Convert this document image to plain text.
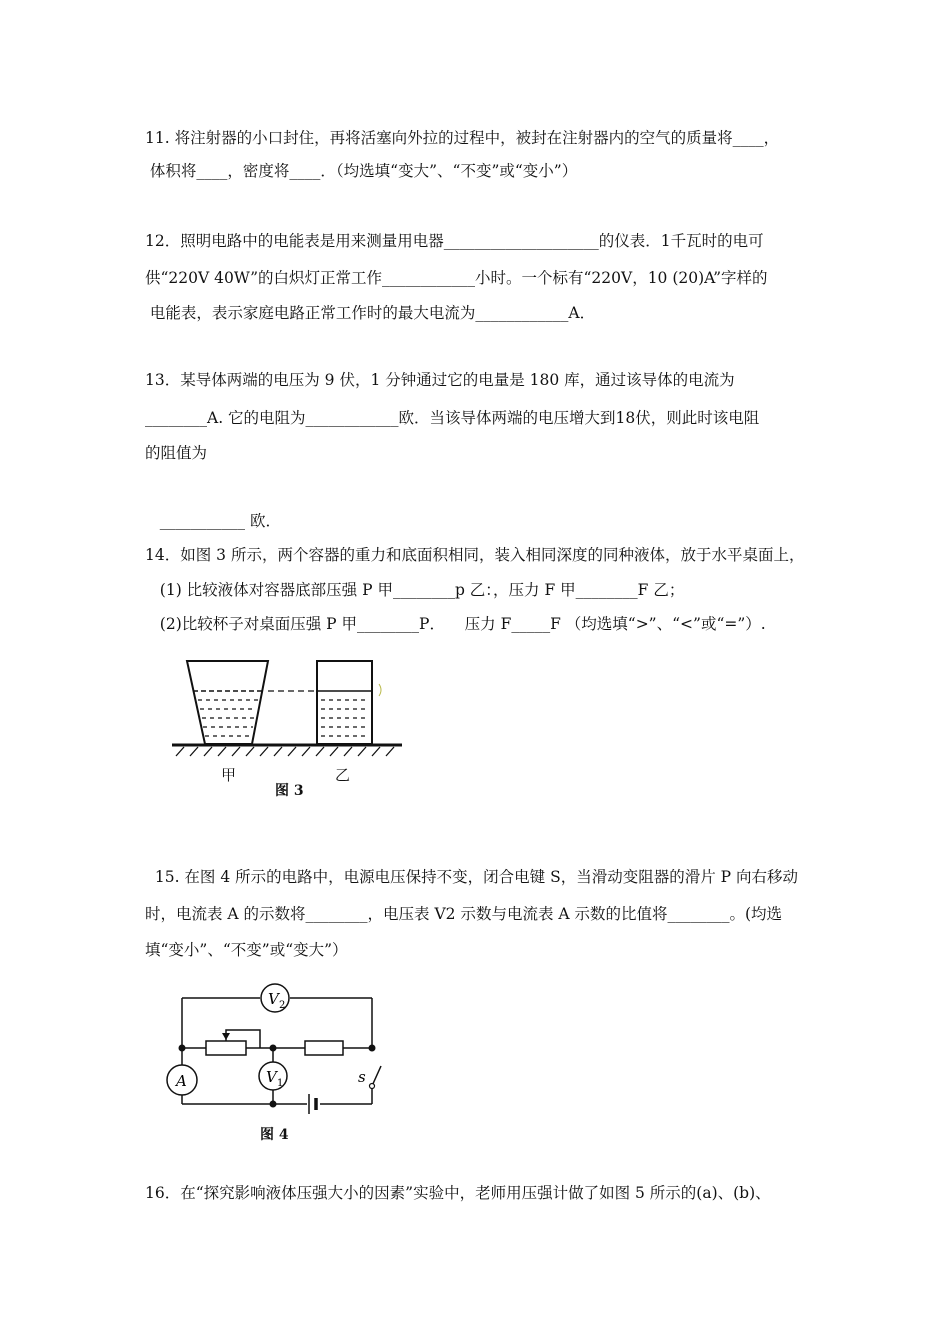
11. 将注射器的小口封住，再将活塞向外拉的过程中，被封在注射器内的空气的质量将____，
体积将____，密度将____．（均选填“变大”、“不变”或“变小”）
12．照明电路中的电能表是用来测量用电器____________________的仪表．1千瓦时的电可
供“220V 40W”的白炽灯正常工作____________小时。一个标有“220V，10 (20)A”字样的
电能表，表示家庭电路正常工作时的最大电流为____________A．
13．某导体两端的电压为 9 伏，1 分钟通过它的电量是 180 库，通过该导体的电流为
________A. 它的电阻为____________欧．当该导体两端的电压增大到18伏，则此时该电阻
的阻值为
___________ 欧．
14．如图 3 所示，两个容器的重力和底面积相同，装入相同深度的同种液体，放于水平桌面上，
(1) 比较液体对容器底部压强 P 甲________p 乙：，压力 F 甲________F 乙；
(2)比较杯子对桌面压强 P 甲________P．    压力 F_____F （均选填“>”、“<”或“=”）.
甲	乙
图 3
15. 在图 4 所示的电路中，电源电压保持不变，闭合电键 S，当滑动变阻器的滑片 P 向右移动
时，电流表 A 的示数将________，电压表 V2 示数与电流表 A 示数的比值将________。(均选
填“变小”、“不变”或“变大”）
V 2
V 1
A	s
图 4
16．在“探究影响液体压强大小的因素”实验中，老师用压强计做了如图 5 所示的(a)、(b)、
